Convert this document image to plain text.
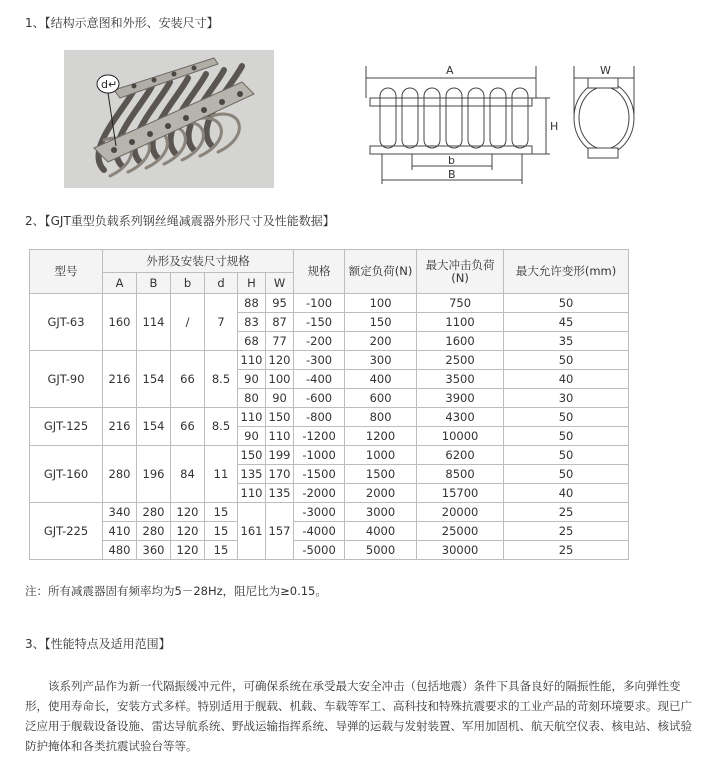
1、【结构示意图和外形、安装尺寸】
d↵
A	W
H
b
B
2、【GJT重型负载系列钢丝绳减震器外形尺寸及性能数据】
型号	外形及安装尺寸规格						规格	额定负荷(N)	最大冲击负荷(N)	最大允许变形(mm)
	A	B	b	d	H	W				
GJT-63	160	114	/	7	88	95	-100	100	750	50
					83	87	-150	150	1100	45
					68	77	-200	200	1600	35
GJT-90	216	154	66	8.5	110	120	-300	300	2500	50
					90	100	-400	400	3500	40
					80	90	-600	600	3900	30
GJT-125	216	154	66	8.5	110	150	-800	800	4300	50
					90	110	-1200	1200	10000	50
GJT-160	280	196	84	11	150	199	-1000	1000	6200	50
					135	170	-1500	1500	8500	50
					110	135	-2000	2000	15700	40
GJT-225	340	280	120	15	161	157	-3000	3000	20000	25
	410	280	120	15			-4000	4000	25000	25
	480	360	120	15			-5000	5000	30000	25
注：所有减震器固有频率均为5－28Hz，阻尼比为≥0.15。
3、【性能特点及适用范围】

该系列产品作为新一代隔振缓冲元件，可确保系统在承受最大安全冲击（包括地震）条件下具备良好的隔振性能，多向弹性变形，使用寿命长，安装方式多样。特别适用于舰载、机载、车载等军工、高科技和特殊抗震要求的工业产品的苛刻环境要求。现已广泛应用于舰载设备设施、雷达导航系统、野战运输指挥系统、导弹的运载与发射装置、军用加固机、航天航空仪表、核电站、核试验防护掩体和各类抗震试验台等等。
